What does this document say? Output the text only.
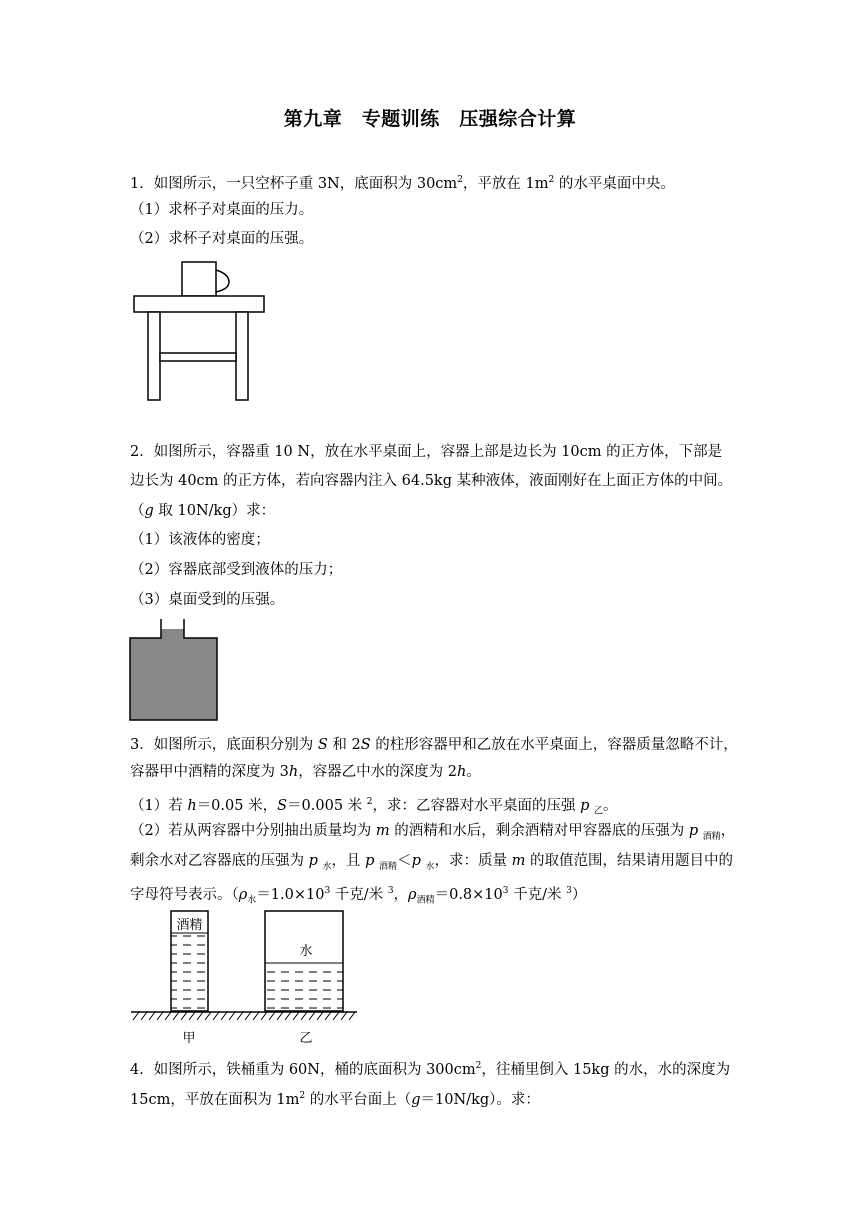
第九章　专题训练　压强综合计算
1．如图所示，一只空杯子重 3N，底面积为 $30cm^2$，平放在 $1m^2$ 的水平桌面中央。
（1）求杯子对桌面的压力。
（2）求杯子对桌面的压强。
2．如图所示，容器重 10 N，放在水平桌面上，容器上部是边长为 10cm 的正方体，下部是
边长为 40cm 的正方体，若向容器内注入 64.5kg 某种液体，液面刚好在上面正方体的中间。
（g 取 10N/kg）求：
（1）该液体的密度；
（2）容器底部受到液体的压力；
（3）桌面受到的压强。
3．如图所示，底面积分别为 S 和 2S 的柱形容器甲和乙放在水平桌面上，容器质量忽略不计，
容器甲中酒精的深度为 3h，容器乙中水的深度为 2h。
（1）若 h＝0.05 米，S＝0.005 米 $^2$，求：乙容器对水平桌面的压强 p $_乙$。
（2）若从两容器中分别抽出质量均为 m 的酒精和水后，剩余酒精对甲容器底的压强为 p $_{酒精}$，
剩余水对乙容器底的压强为 p $_水$，且 p $_{酒精}$＜p $_水$，求：质量 m 的取值范围，结果请用题目中的
字母符号表示。（$\rho_水=1.0\times 10^3$ 千克/米 $^3$，$\rho_{酒精}=0.8\times 10^3$ 千克/米 $^3$）
酒精
水
甲	乙
4．如图所示，铁桶重为 60N，桶的底面积为 $300cm^2$，往桶里倒入 15kg 的水，水的深度为
15cm，平放在面积为 $1m^2$ 的水平台面上（g＝10N/kg）。求：
